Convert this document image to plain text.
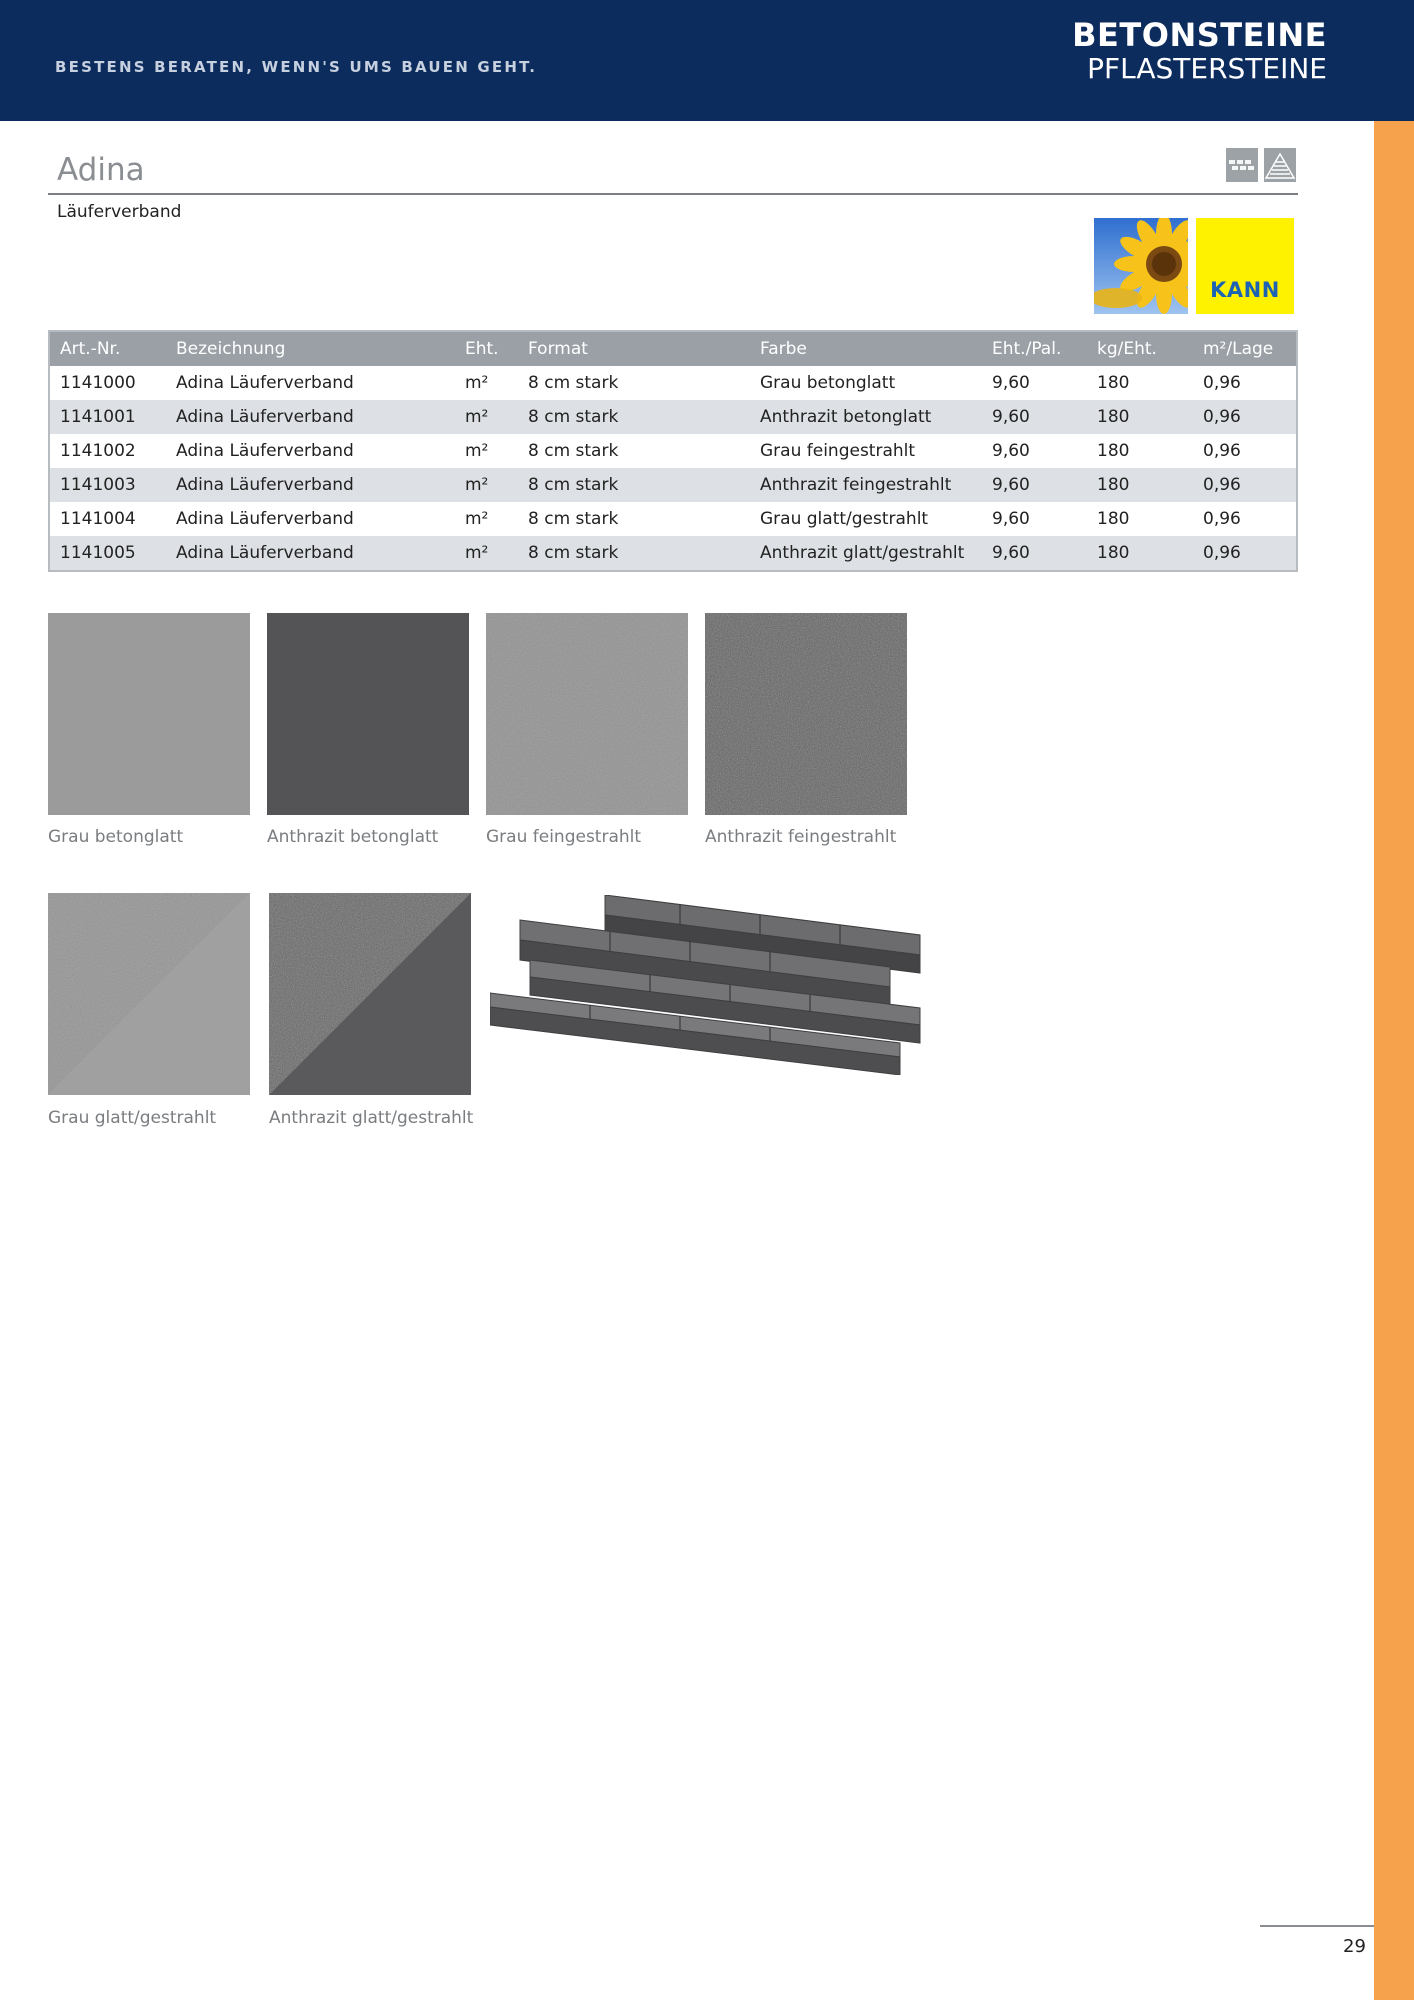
BESTENS BERATEN, WENN'S UMS BAUEN GEHT.
BETONSTEINE
PFLASTERSTEINE
Adina
Läuferverband
KANN
Art.-Nr.	Bezeichnung	Eht.	Format	Farbe	Eht./Pal.	kg/Eht.	m²/Lage
1141000	Adina Läuferverband	m²	8 cm stark	Grau betonglatt	9,60	180	0,96
1141001	Adina Läuferverband	m²	8 cm stark	Anthrazit betonglatt	9,60	180	0,96
1141002	Adina Läuferverband	m²	8 cm stark	Grau feingestrahlt	9,60	180	0,96
1141003	Adina Läuferverband	m²	8 cm stark	Anthrazit feingestrahlt	9,60	180	0,96
1141004	Adina Läuferverband	m²	8 cm stark	Grau glatt/gestrahlt	9,60	180	0,96
1141005	Adina Läuferverband	m²	8 cm stark	Anthrazit glatt/gestrahlt	9,60	180	0,96
Grau betonglatt	Anthrazit betonglatt	Grau feingestrahlt	Anthrazit feingestrahlt
Grau glatt/gestrahlt	Anthrazit glatt/gestrahlt
29
